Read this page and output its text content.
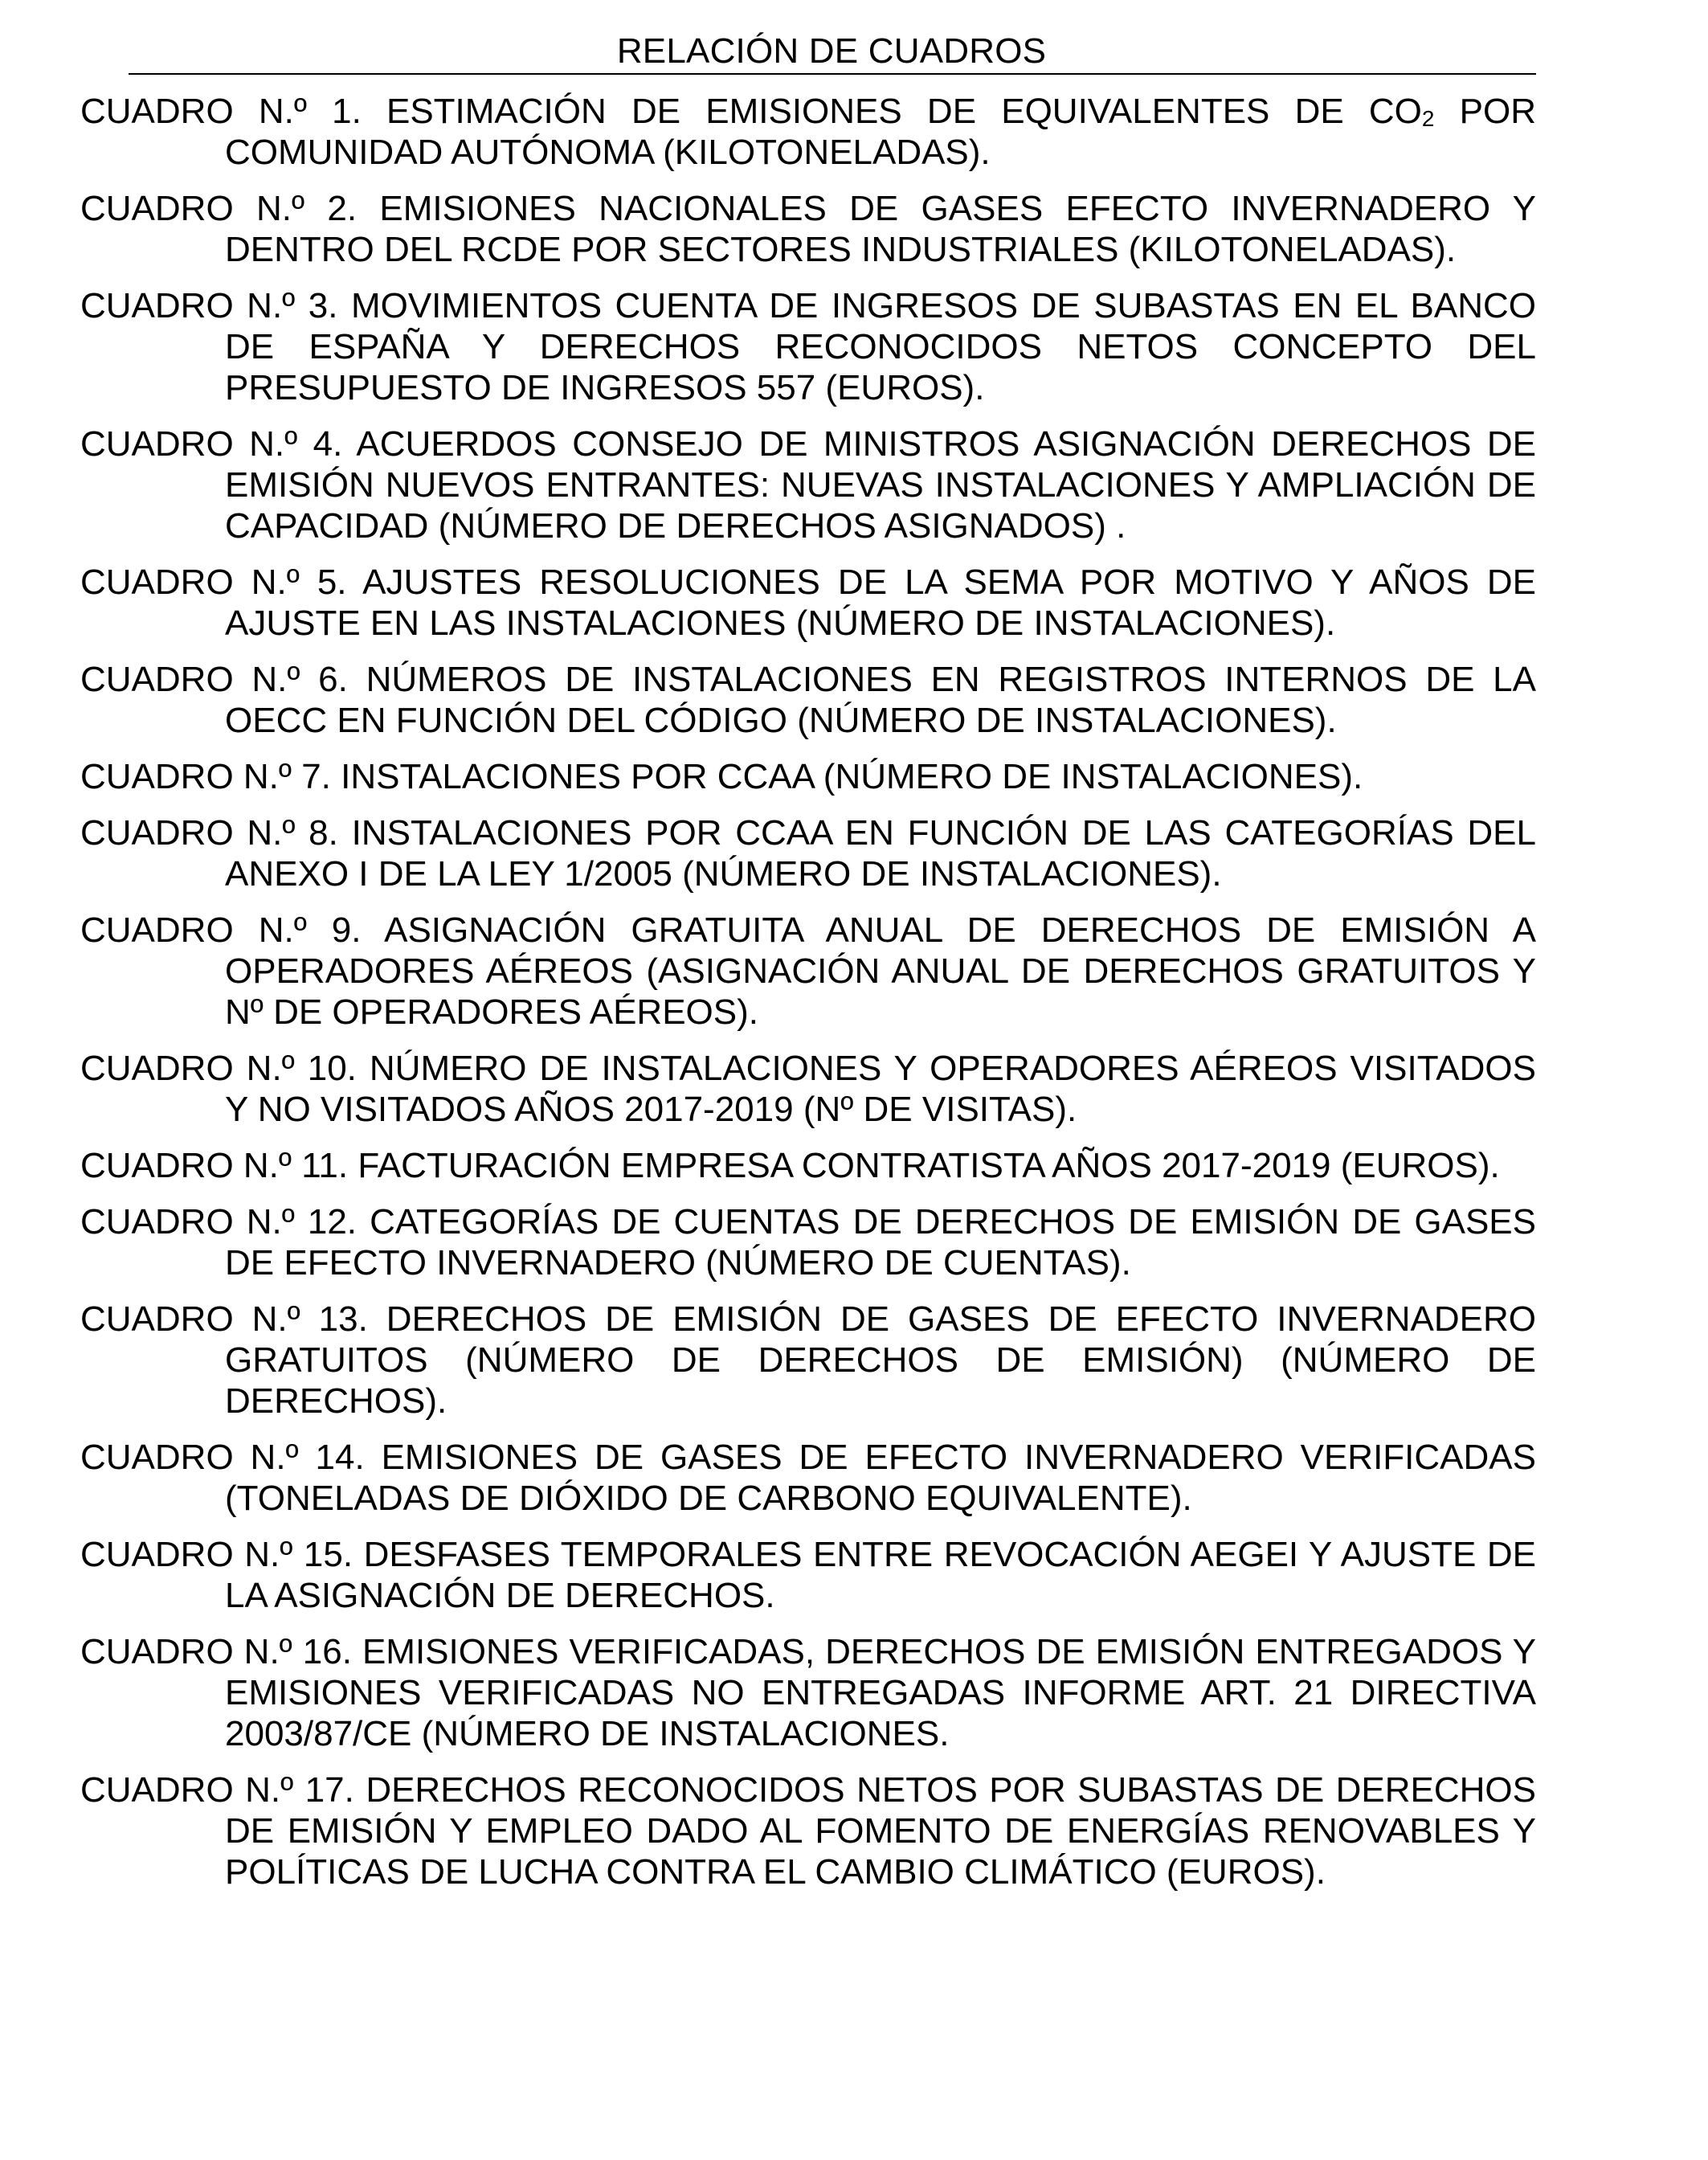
RELACIÓN DE CUADROS

CUADRO N.º 1. ESTIMACIÓN DE EMISIONES DE EQUIVALENTES DE $CO_2$ POR COMUNIDAD AUTÓNOMA (KILOTONELADAS).

CUADRO N.º 2. EMISIONES NACIONALES DE GASES EFECTO INVERNADERO Y DENTRO DEL RCDE POR SECTORES INDUSTRIALES (KILOTONELADAS).

CUADRO N.º 3. MOVIMIENTOS CUENTA DE INGRESOS DE SUBASTAS EN EL BANCO DE ESPAÑA Y DERECHOS RECONOCIDOS NETOS CONCEPTO DEL PRESUPUESTO DE INGRESOS 557 (EUROS).

CUADRO N.º 4. ACUERDOS CONSEJO DE MINISTROS ASIGNACIÓN DERECHOS DE EMISIÓN NUEVOS ENTRANTES: NUEVAS INSTALACIONES Y AMPLIACIÓN DE CAPACIDAD (NÚMERO DE DERECHOS ASIGNADOS) .

CUADRO N.º 5. AJUSTES RESOLUCIONES DE LA SEMA POR MOTIVO Y AÑOS DE AJUSTE EN LAS INSTALACIONES (NÚMERO DE INSTALACIONES).

CUADRO N.º 6. NÚMEROS DE INSTALACIONES EN REGISTROS INTERNOS DE LA OECC EN FUNCIÓN DEL CÓDIGO (NÚMERO DE INSTALACIONES).

CUADRO N.º 7. INSTALACIONES POR CCAA (NÚMERO DE INSTALACIONES).

CUADRO N.º 8. INSTALACIONES POR CCAA EN FUNCIÓN DE LAS CATEGORÍAS DEL ANEXO I DE LA LEY 1/2005 (NÚMERO DE INSTALACIONES).

CUADRO N.º 9. ASIGNACIÓN GRATUITA ANUAL DE DERECHOS DE EMISIÓN A OPERADORES AÉREOS (ASIGNACIÓN ANUAL DE DERECHOS GRATUITOS Y Nº DE OPERADORES AÉREOS).

CUADRO N.º 10. NÚMERO DE INSTALACIONES Y OPERADORES AÉREOS VISITADOS Y NO VISITADOS AÑOS 2017-2019 (Nº DE VISITAS).

CUADRO N.º 11. FACTURACIÓN EMPRESA CONTRATISTA AÑOS 2017-2019 (EUROS).

CUADRO N.º 12. CATEGORÍAS DE CUENTAS DE DERECHOS DE EMISIÓN DE GASES DE EFECTO INVERNADERO (NÚMERO DE CUENTAS).

CUADRO N.º 13. DERECHOS DE EMISIÓN DE GASES DE EFECTO INVERNADERO GRATUITOS (NÚMERO DE DERECHOS DE EMISIÓN) (NÚMERO DE DERECHOS).

CUADRO N.º 14. EMISIONES DE GASES DE EFECTO INVERNADERO VERIFICADAS (TONELADAS DE DIÓXIDO DE CARBONO EQUIVALENTE).

CUADRO N.º 15. DESFASES TEMPORALES ENTRE REVOCACIÓN AEGEI Y AJUSTE DE LA ASIGNACIÓN DE DERECHOS.

CUADRO N.º 16. EMISIONES VERIFICADAS, DERECHOS DE EMISIÓN ENTREGADOS Y EMISIONES VERIFICADAS NO ENTREGADAS INFORME ART. 21 DIRECTIVA 2003/87/CE (NÚMERO DE INSTALACIONES.

CUADRO N.º 17. DERECHOS RECONOCIDOS NETOS POR SUBASTAS DE DERECHOS DE EMISIÓN Y EMPLEO DADO AL FOMENTO DE ENERGÍAS RENOVABLES Y POLÍTICAS DE LUCHA CONTRA EL CAMBIO CLIMÁTICO (EUROS).
